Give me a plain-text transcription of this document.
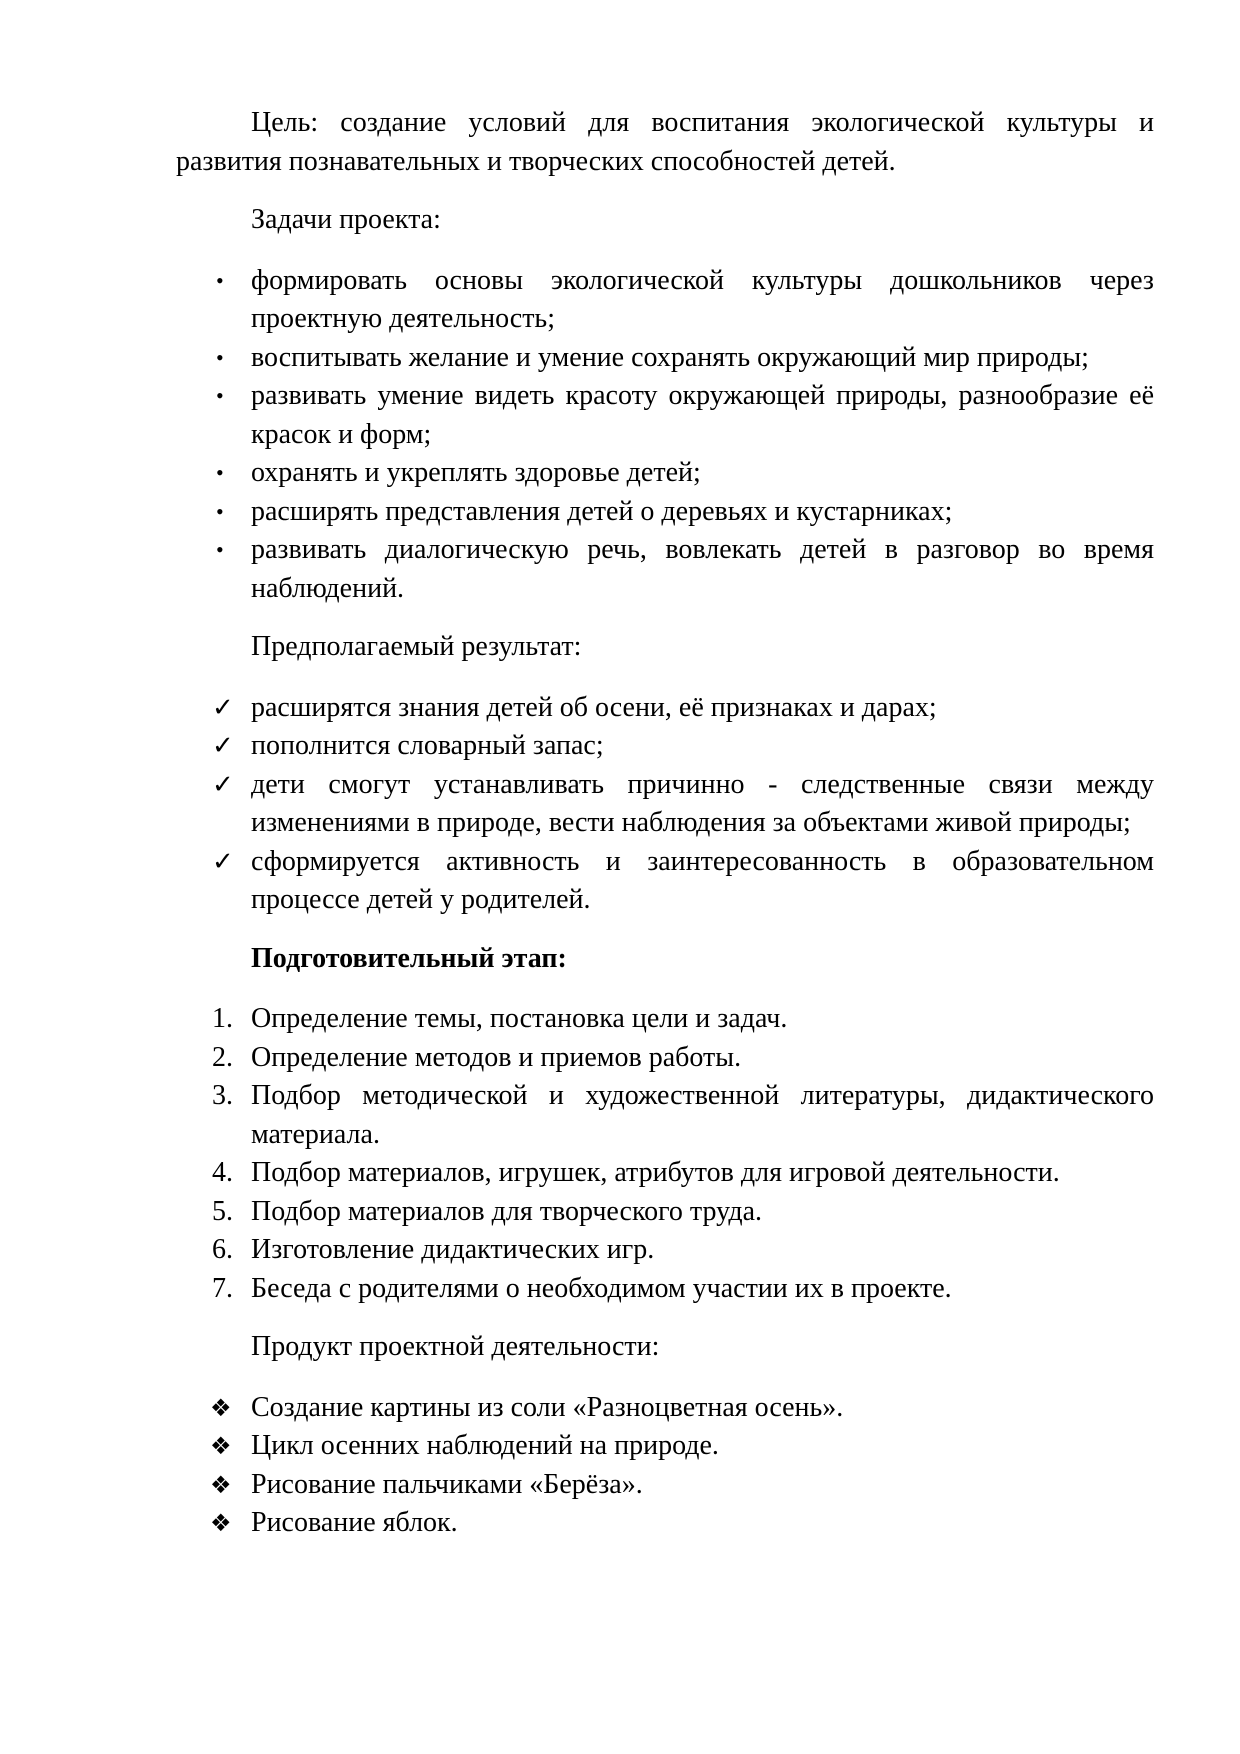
Цель: создание условий для воспитания экологической культуры и развития познавательных и творческих способностей детей.

Задачи проекта:

• формировать основы экологической культуры дошкольников через проектную деятельность;
• воспитывать желание и умение сохранять окружающий мир природы;
• развивать умение видеть красоту окружающей природы, разнообразие её красок и форм;
• охранять и укреплять здоровье детей;
• расширять представления детей о деревьях и кустарниках;
• развивать диалогическую речь, вовлекать детей в разговор во время наблюдений.

Предполагаемый результат:

✓ расширятся знания детей об осени, её признаках и дарах;
✓ пополнится словарный запас;
✓ дети смогут устанавливать причинно - следственные связи между изменениями в природе, вести наблюдения за объектами живой природы;
✓ сформируется активность и заинтересованность в образовательном процессе детей у родителей.

Подготовительный этап:

1. Определение темы, постановка цели и задач.
2. Определение методов и приемов работы.
3. Подбор методической и художественной литературы, дидактического материала.
4. Подбор материалов, игрушек, атрибутов для игровой деятельности.
5. Подбор материалов для творческого труда.
6. Изготовление дидактических игр.
7. Беседа с родителями о необходимом участии их в проекте.

Продукт проектной деятельности:

❖ Создание картины из соли «Разноцветная осень».
❖ Цикл осенних наблюдений на природе.
❖ Рисование пальчиками «Берёза».
❖ Рисование яблок.
